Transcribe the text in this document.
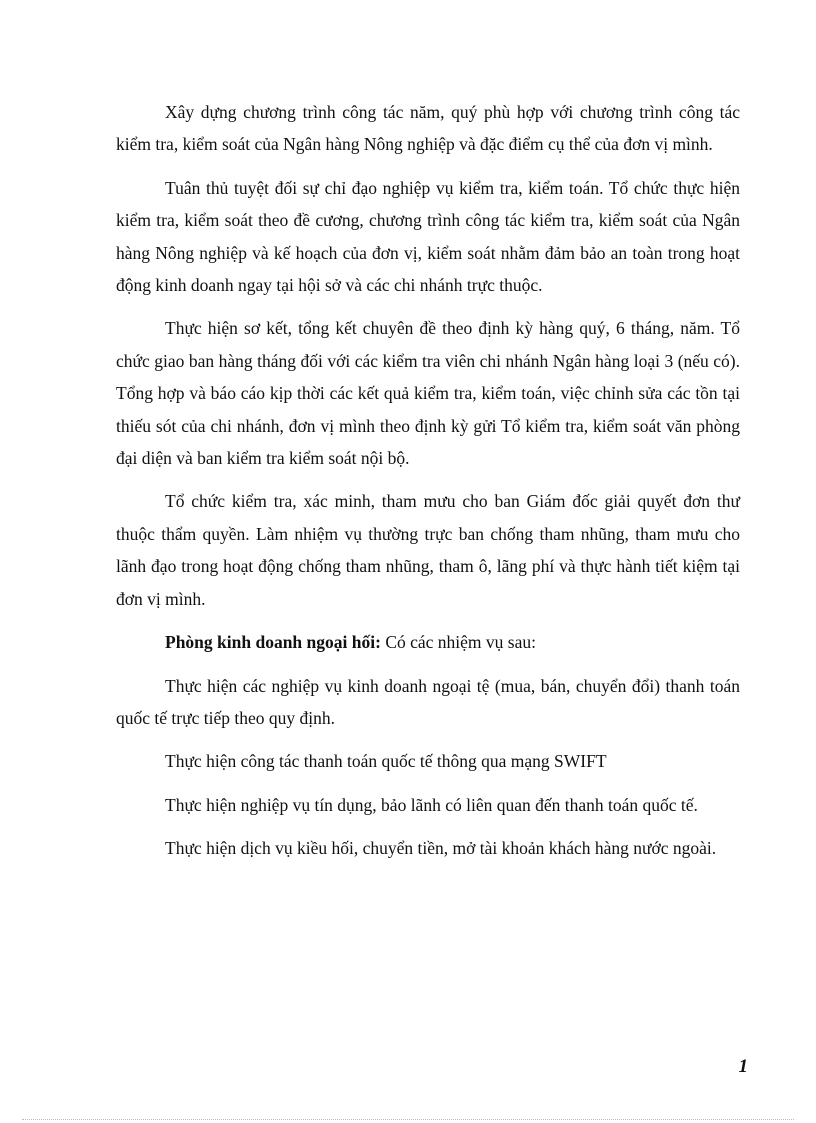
Xây dựng chương trình công tác năm, quý phù hợp với chương trình công tác kiểm tra, kiểm soát của Ngân hàng Nông nghiệp và đặc điểm cụ thể của đơn vị mình.

Tuân thủ tuyệt đối sự chỉ đạo nghiệp vụ kiểm tra, kiểm toán. Tổ chức thực hiện kiểm tra, kiểm soát theo đề cương, chương trình công tác kiểm tra, kiểm soát của Ngân hàng Nông nghiệp và kế hoạch của đơn vị, kiểm soát nhằm đảm bảo an toàn trong hoạt động kinh doanh ngay tại hội sở và các chi nhánh trực thuộc.

Thực hiện sơ kết, tổng kết chuyên đề theo định kỳ hàng quý, 6 tháng, năm. Tổ chức giao ban hàng tháng đối với các kiểm tra viên chi nhánh Ngân hàng loại 3 (nếu có). Tổng hợp và báo cáo kịp thời các kết quả kiểm tra, kiểm toán, việc chỉnh sửa các tồn tại thiếu sót của chi nhánh, đơn vị mình theo định kỳ gửi Tổ kiểm tra, kiểm soát văn phòng đại diện và ban kiểm tra kiểm soát nội bộ.

Tổ chức kiểm tra, xác minh, tham mưu cho ban Giám đốc giải quyết đơn thư thuộc thẩm quyền. Làm nhiệm vụ thường trực ban chống tham nhũng, tham mưu cho lãnh đạo trong hoạt động chống tham nhũng, tham ô, lãng phí và thực hành tiết kiệm tại đơn vị mình.

Phòng kinh doanh ngoại hối: Có các nhiệm vụ sau:

Thực hiện các nghiệp vụ kinh doanh ngoại tệ (mua, bán, chuyển đổi) thanh toán quốc tế trực tiếp theo quy định.

Thực hiện công tác thanh toán quốc tế thông qua mạng SWIFT

Thực hiện nghiệp vụ tín dụng, bảo lãnh có liên quan đến thanh toán quốc tế.

Thực hiện dịch vụ kiều hối, chuyển tiền, mở tài khoản khách hàng nước ngoài.

1
